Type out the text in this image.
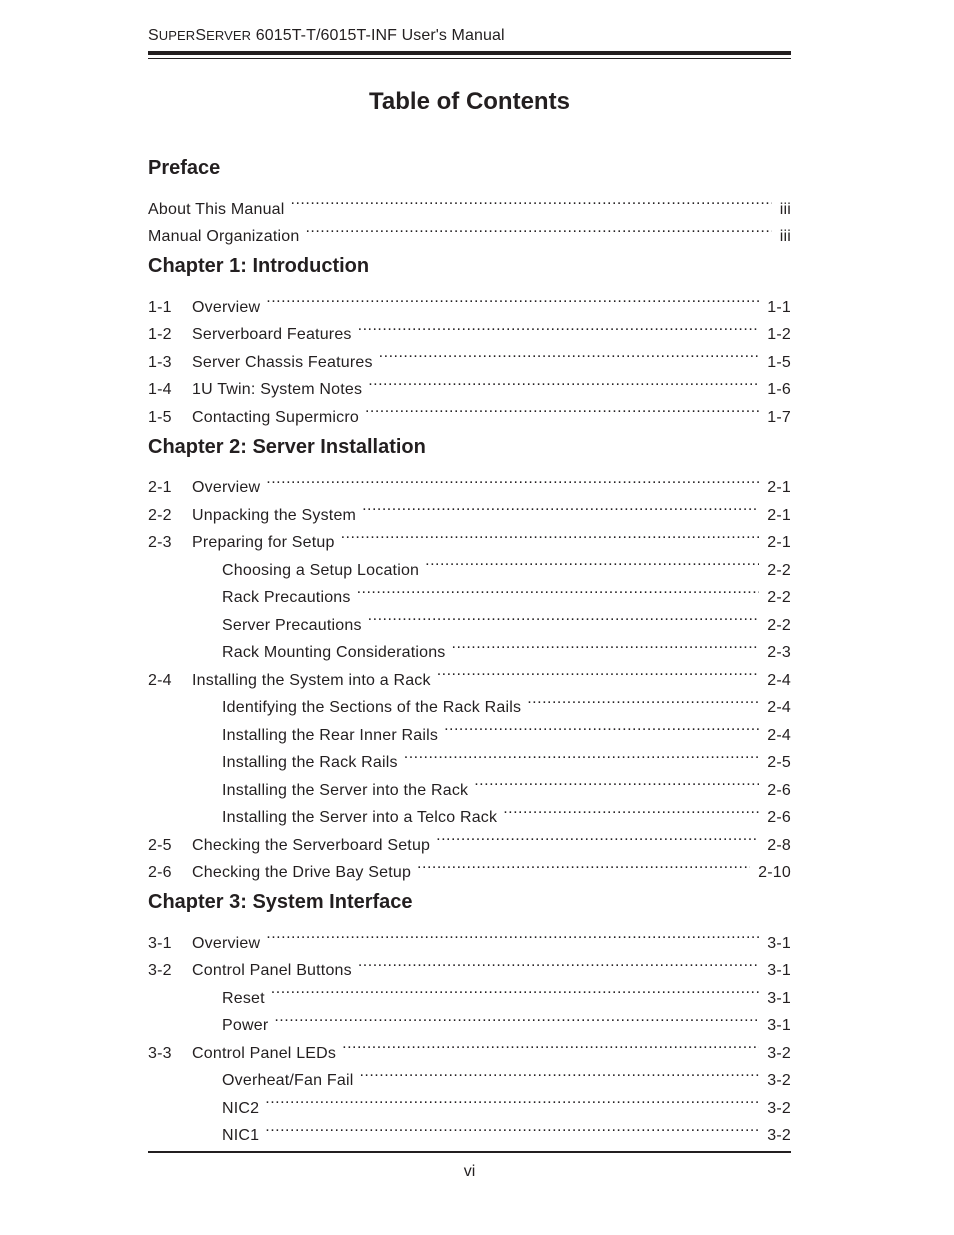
SUPERSERVER 6015T-T/6015T-INF User's Manual
Table of Contents
Preface
About This Manual .....	iii
Manual Organization .....	iii
Chapter 1: Introduction
1-1	Overview .....	1-1
1-2	Serverboard Features .....	1-2
1-3	Server Chassis Features .....	1-5
1-4	1U Twin: System Notes .....	1-6
1-5	Contacting Supermicro .....	1-7
Chapter 2: Server Installation
2-1	Overview .....	2-1
2-2	Unpacking the System .....	2-1
2-3	Preparing for Setup .....	2-1
Choosing a Setup Location .....	2-2
Rack Precautions .....	2-2
Server Precautions .....	2-2
Rack Mounting Considerations .....	2-3
2-4	Installing the System into a Rack .....	2-4
Identifying the Sections of the Rack Rails .....	2-4
Installing the Rear Inner Rails .....	2-4
Installing the Rack Rails .....	2-5
Installing the Server into the Rack .....	2-6
Installing the Server into a Telco Rack .....	2-6
2-5	Checking the Serverboard Setup .....	2-8
2-6	Checking the Drive Bay Setup .....	2-10
Chapter 3: System Interface
3-1	Overview .....	3-1
3-2	Control Panel Buttons .....	3-1
Reset .....	3-1
Power .....	3-1
3-3	Control Panel LEDs .....	3-2
Overheat/Fan Fail .....	3-2
NIC2 .....	3-2
NIC1 .....	3-2
vi
